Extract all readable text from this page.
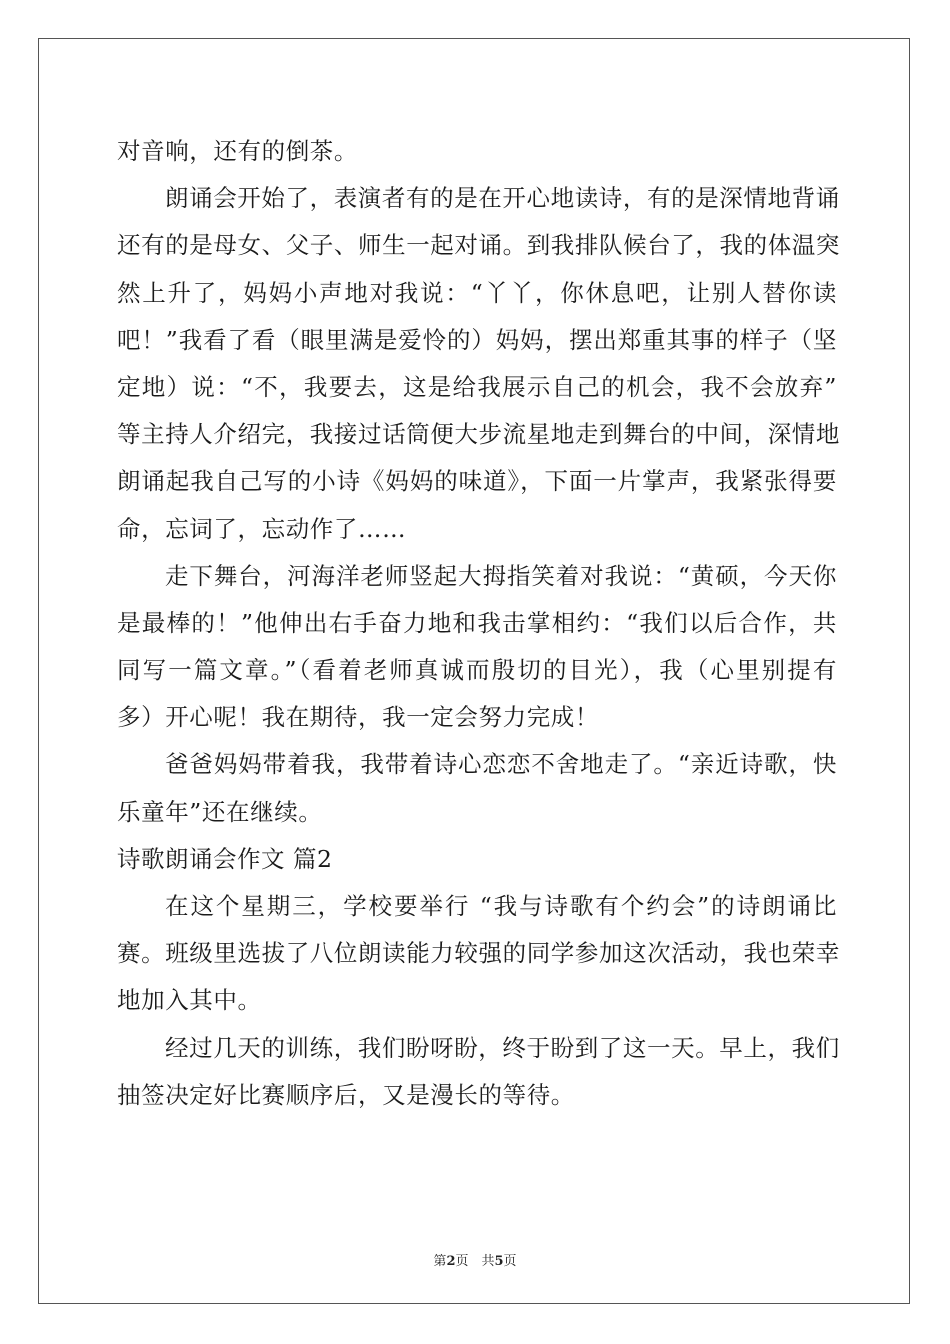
对音响，还有的倒茶。
朗诵会开始了，表演者有的是在开心地读诗，有的是深情地背诵
还有的是母女、父子、师生一起对诵。到我排队候台了，我的体温突
然上升了，妈妈小声地对我说：“丫丫，你休息吧，让别人替你读
吧！”我看了看（眼里满是爱怜的）妈妈，摆出郑重其事的样子（坚
定地）说：“不，我要去，这是给我展示自己的机会，我不会放弃”
等主持人介绍完，我接过话筒便大步流星地走到舞台的中间，深情地
朗诵起我自己写的小诗《妈妈的味道》，下面一片掌声，我紧张得要
命，忘词了，忘动作了……
走下舞台，河海洋老师竖起大拇指笑着对我说：“黄硕，今天你
是最棒的！”他伸出右手奋力地和我击掌相约：“我们以后合作，共
同写一篇文章。”（看着老师真诚而殷切的目光），我（心里别提有
多）开心呢！我在期待，我一定会努力完成！
爸爸妈妈带着我，我带着诗心恋恋不舍地走了。“亲近诗歌，快
乐童年”还在继续。
诗歌朗诵会作文 篇2
在这个星期三，学校要举行 “我与诗歌有个约会”的诗朗诵比
赛。班级里选拔了八位朗读能力较强的同学参加这次活动，我也荣幸
地加入其中。
经过几天的训练，我们盼呀盼，终于盼到了这一天。早上，我们
抽签决定好比赛顺序后，又是漫长的等待。
第2页　共5页
